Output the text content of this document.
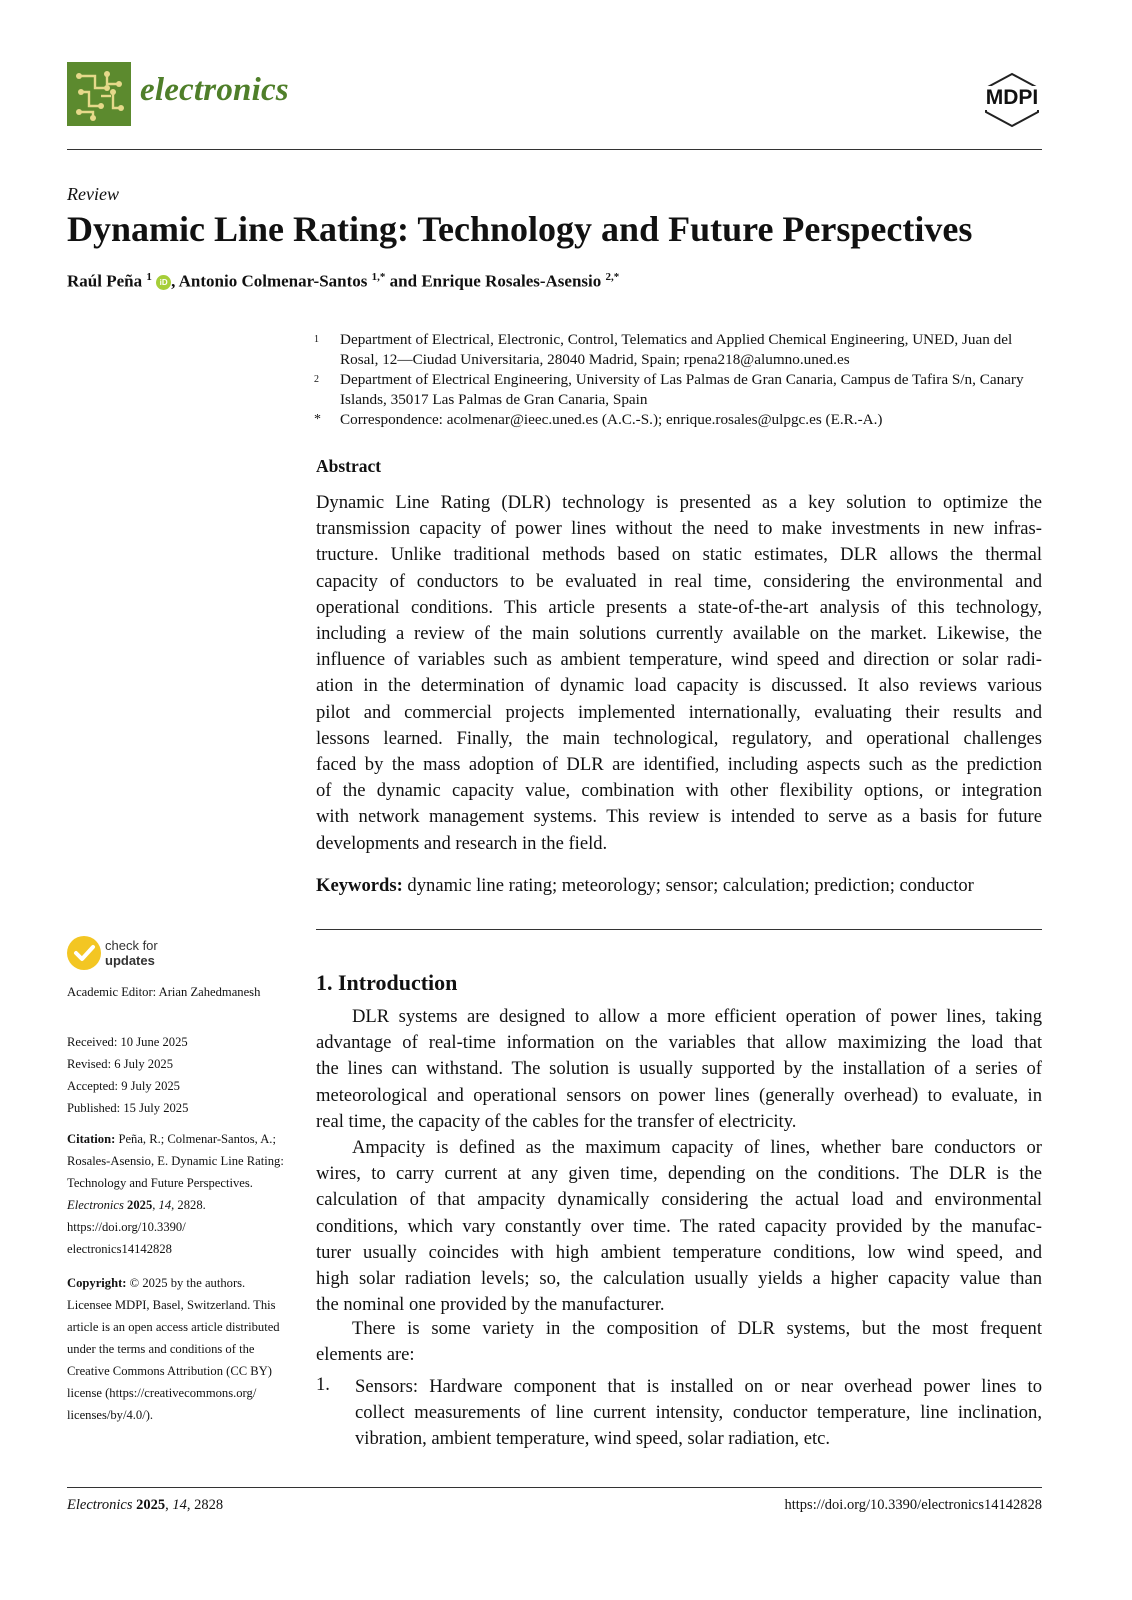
electronics	MDPI
Review
Dynamic Line Rating: Technology and Future Perspectives
Raúl Peña $^1$ iD , Antonio Colmenar-Santos $^{1,*}$ and Enrique Rosales-Asensio $^{2,*}$
1 Department of Electrical, Electronic, Control, Telematics and Applied Chemical Engineering, UNED, Juan del Rosal, 12—Ciudad Universitaria, 28040 Madrid, Spain; rpena218@alumno.uned.es
2 Department of Electrical Engineering, University of Las Palmas de Gran Canaria, Campus de Tafira S/n, Canary Islands, 35017 Las Palmas de Gran Canaria, Spain
* Correspondence: acolmenar@ieec.uned.es (A.C.-S.); enrique.rosales@ulpgc.es (E.R.-A.)
Abstract
Dynamic Line Rating (DLR) technology is presented as a key solution to optimize the
transmission capacity of power lines without the need to make investments in new infras-
tructure. Unlike traditional methods based on static estimates, DLR allows the thermal
capacity of conductors to be evaluated in real time, considering the environmental and
operational conditions. This article presents a state-of-the-art analysis of this technology,
including a review of the main solutions currently available on the market. Likewise, the
influence of variables such as ambient temperature, wind speed and direction or solar radi-
ation in the determination of dynamic load capacity is discussed. It also reviews various
pilot and commercial projects implemented internationally, evaluating their results and
lessons learned. Finally, the main technological, regulatory, and operational challenges
faced by the mass adoption of DLR are identified, including aspects such as the prediction
of the dynamic capacity value, combination with other flexibility options, or integration
with network management systems. This review is intended to serve as a basis for future
developments and research in the field.
Keywords: dynamic line rating; meteorology; sensor; calculation; prediction; conductor
check for
updates
Academic Editor: Arian Zahedmanesh
Received: 10 June 2025
Revised: 6 July 2025
Accepted: 9 July 2025
Published: 15 July 2025
Citation: Peña, R.; Colmenar-Santos, A.; Rosales-Asensio, E. Dynamic Line Rating: Technology and Future Perspectives. Electronics 2025, 14, 2828. https://doi.org/10.3390/ electronics14142828
Copyright: © 2025 by the authors. Licensee MDPI, Basel, Switzerland. This article is an open access article distributed under the terms and conditions of the Creative Commons Attribution (CC BY) license (https://creativecommons.org/ licenses/by/4.0/).
1. Introduction
DLR systems are designed to allow a more efficient operation of power lines, taking
advantage of real-time information on the variables that allow maximizing the load that
the lines can withstand. The solution is usually supported by the installation of a series of
meteorological and operational sensors on power lines (generally overhead) to evaluate, in
real time, the capacity of the cables for the transfer of electricity.
Ampacity is defined as the maximum capacity of lines, whether bare conductors or
wires, to carry current at any given time, depending on the conditions. The DLR is the
calculation of that ampacity dynamically considering the actual load and environmental
conditions, which vary constantly over time. The rated capacity provided by the manufac-
turer usually coincides with high ambient temperature conditions, low wind speed, and
high solar radiation levels; so, the calculation usually yields a higher capacity value than
the nominal one provided by the manufacturer.
There is some variety in the composition of DLR systems, but the most frequent
elements are:
1. Sensors: Hardware component that is installed on or near overhead power lines to
collect measurements of line current intensity, conductor temperature, line inclination,
vibration, ambient temperature, wind speed, solar radiation, etc.
Electronics 2025, 14, 2828	https://doi.org/10.3390/electronics14142828
